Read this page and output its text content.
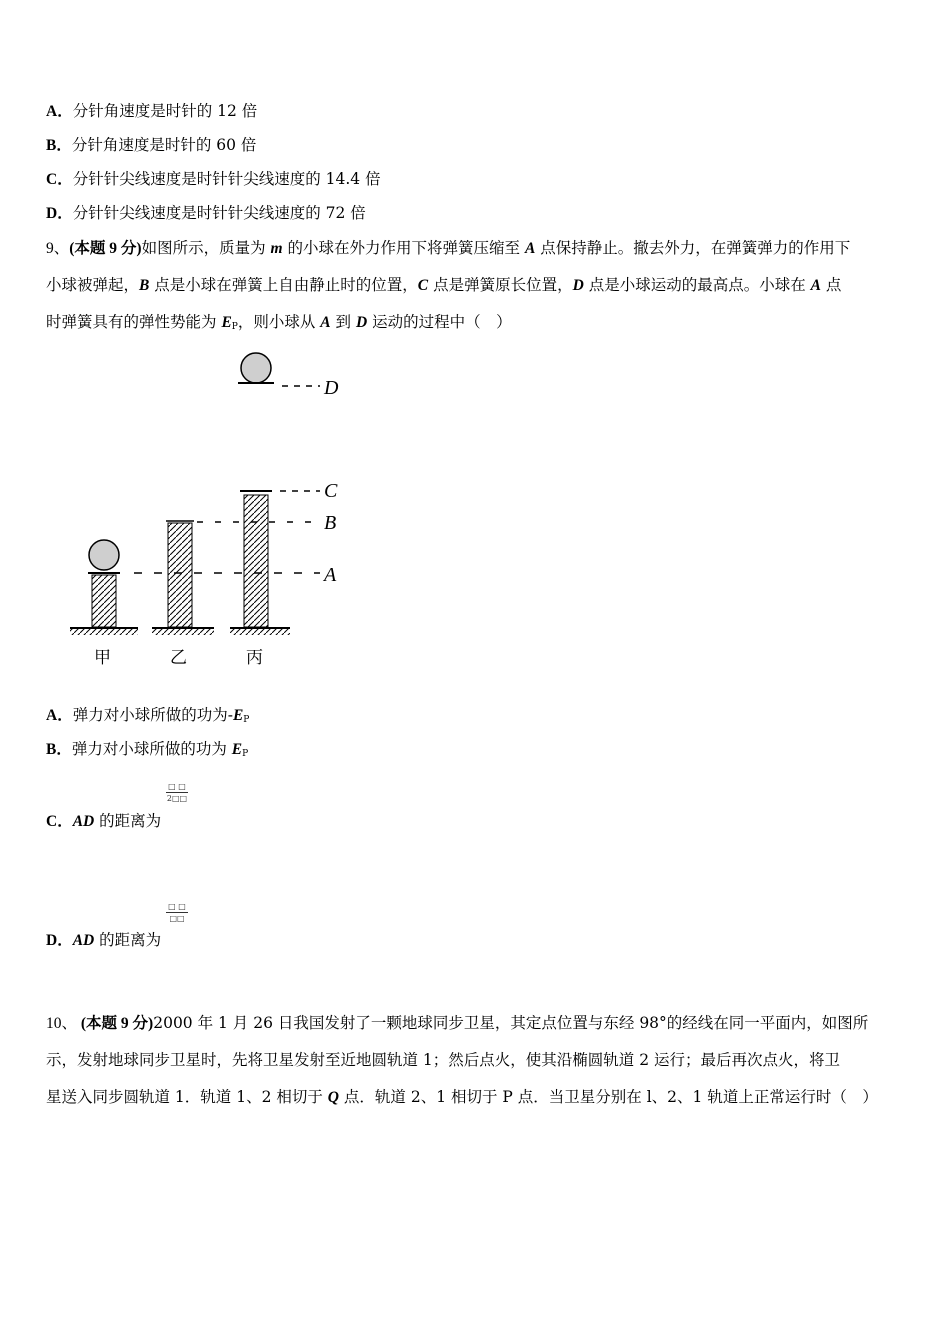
A．分针角速度是时针的 12 倍
B．分针角速度是时针的 60 倍
C．分针针尖线速度是时针针尖线速度的 14.4 倍
D．分针针尖线速度是时针针尖线速度的 72 倍
9、(本题 9 分)如图所示，质量为 m 的小球在外力作用下将弹簧压缩至 A 点保持静止。撤去外力，在弹簧弹力的作用下
小球被弹起，B 点是小球在弹簧上自由静止时的位置，C 点是弹簧原长位置，D 点是小球运动的最高点。小球在 A 点
时弹簧具有的弹性势能为 $E_P$，则小球从 A 到 D 运动的过程中（　）
D
C
B
A
甲	乙	丙
A．弹力对小球所做的功为$-E_P$
B．弹力对小球所做的功为 $E_P$
□ □
2□□
C．AD 的距离为
□ □
□□
D．AD 的距离为
10、 (本题 9 分)2000 年 1 月 26 日我国发射了一颗地球同步卫星，其定点位置与东经 98°的经线在同一平面内，如图所
示，发射地球同步卫星时，先将卫星发射至近地圆轨道 1；然后点火，使其沿椭圆轨道 2 运行；最后再次点火，将卫
星送入同步圆轨道 1．轨道 1、2 相切于 Q 点．轨道 2、1 相切于 P 点．当卫星分别在 l、2、1 轨道上正常运行时（　）
